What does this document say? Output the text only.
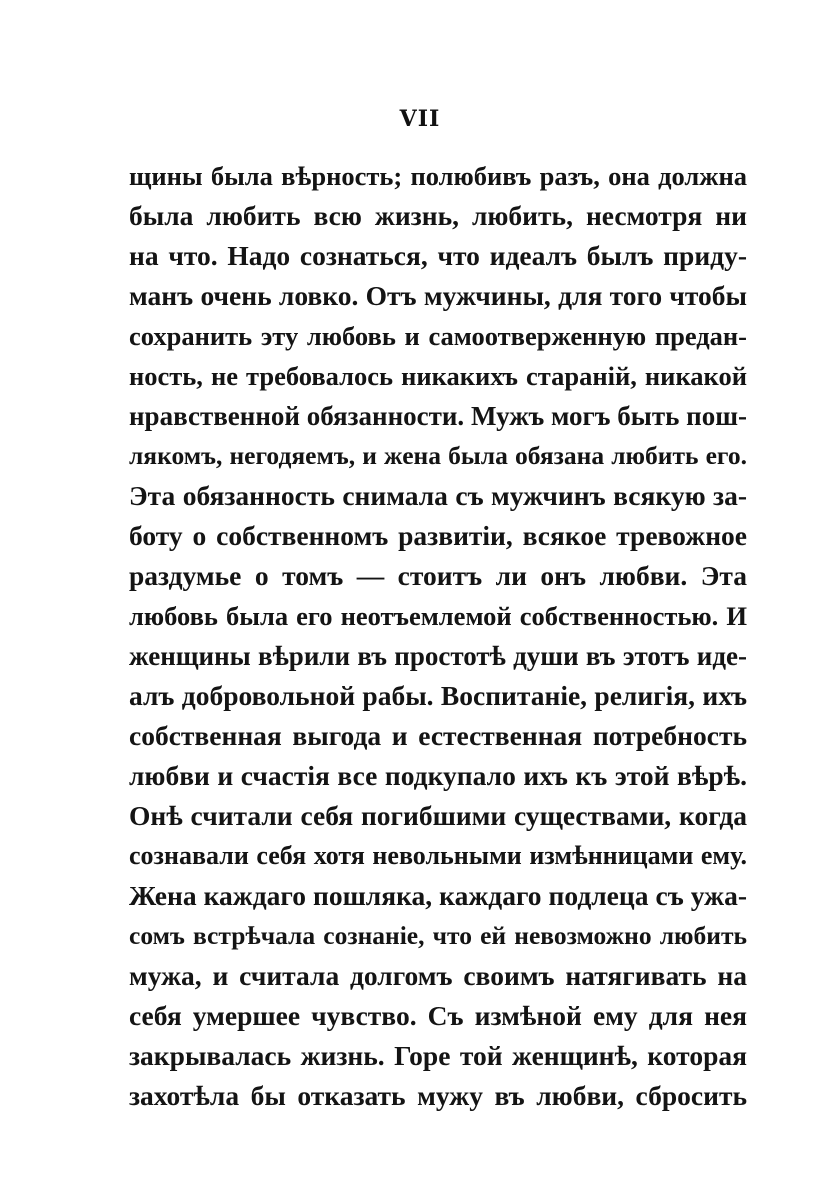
VII
щины была вѣрность; полюбивъ разъ, она должна
была любить всю жизнь, любить, несмотря ни
на что. Надо сознаться, что идеалъ былъ приду-
манъ очень ловко. Отъ мужчины, для того чтобы
сохранить эту любовь и самоотверженную предан-
ность, не требовалось никакихъ стараній, никакой
нравственной обязанности. Мужъ могъ быть пош-
лякомъ, негодяемъ, и жена была обязана любить его.
Эта обязанность снимала съ мужчинъ всякую за-
боту о собственномъ развитіи, всякое тревожное
раздумье о томъ — стоитъ ли онъ любви. Эта
любовь была его неотъемлемой собственностью. И
женщины вѣрили въ простотѣ души въ этотъ иде-
алъ добровольной рабы. Воспитаніе, религія, ихъ
собственная выгода и естественная потребность
любви и счастія все подкупало ихъ къ этой вѣрѣ.
Онѣ считали себя погибшими существами, когда
сознавали себя хотя невольными измѣнницами ему.
Жена каждаго пошляка, каждаго подлеца съ ужа-
сомъ встрѣчала сознаніе, что ей невозможно любить
мужа, и считала долгомъ своимъ натягивать на
себя умершее чувство. Съ измѣной ему для нея
закрывалась жизнь. Горе той женщинѣ, которая
захотѣла бы отказать мужу въ любви, сбросить
